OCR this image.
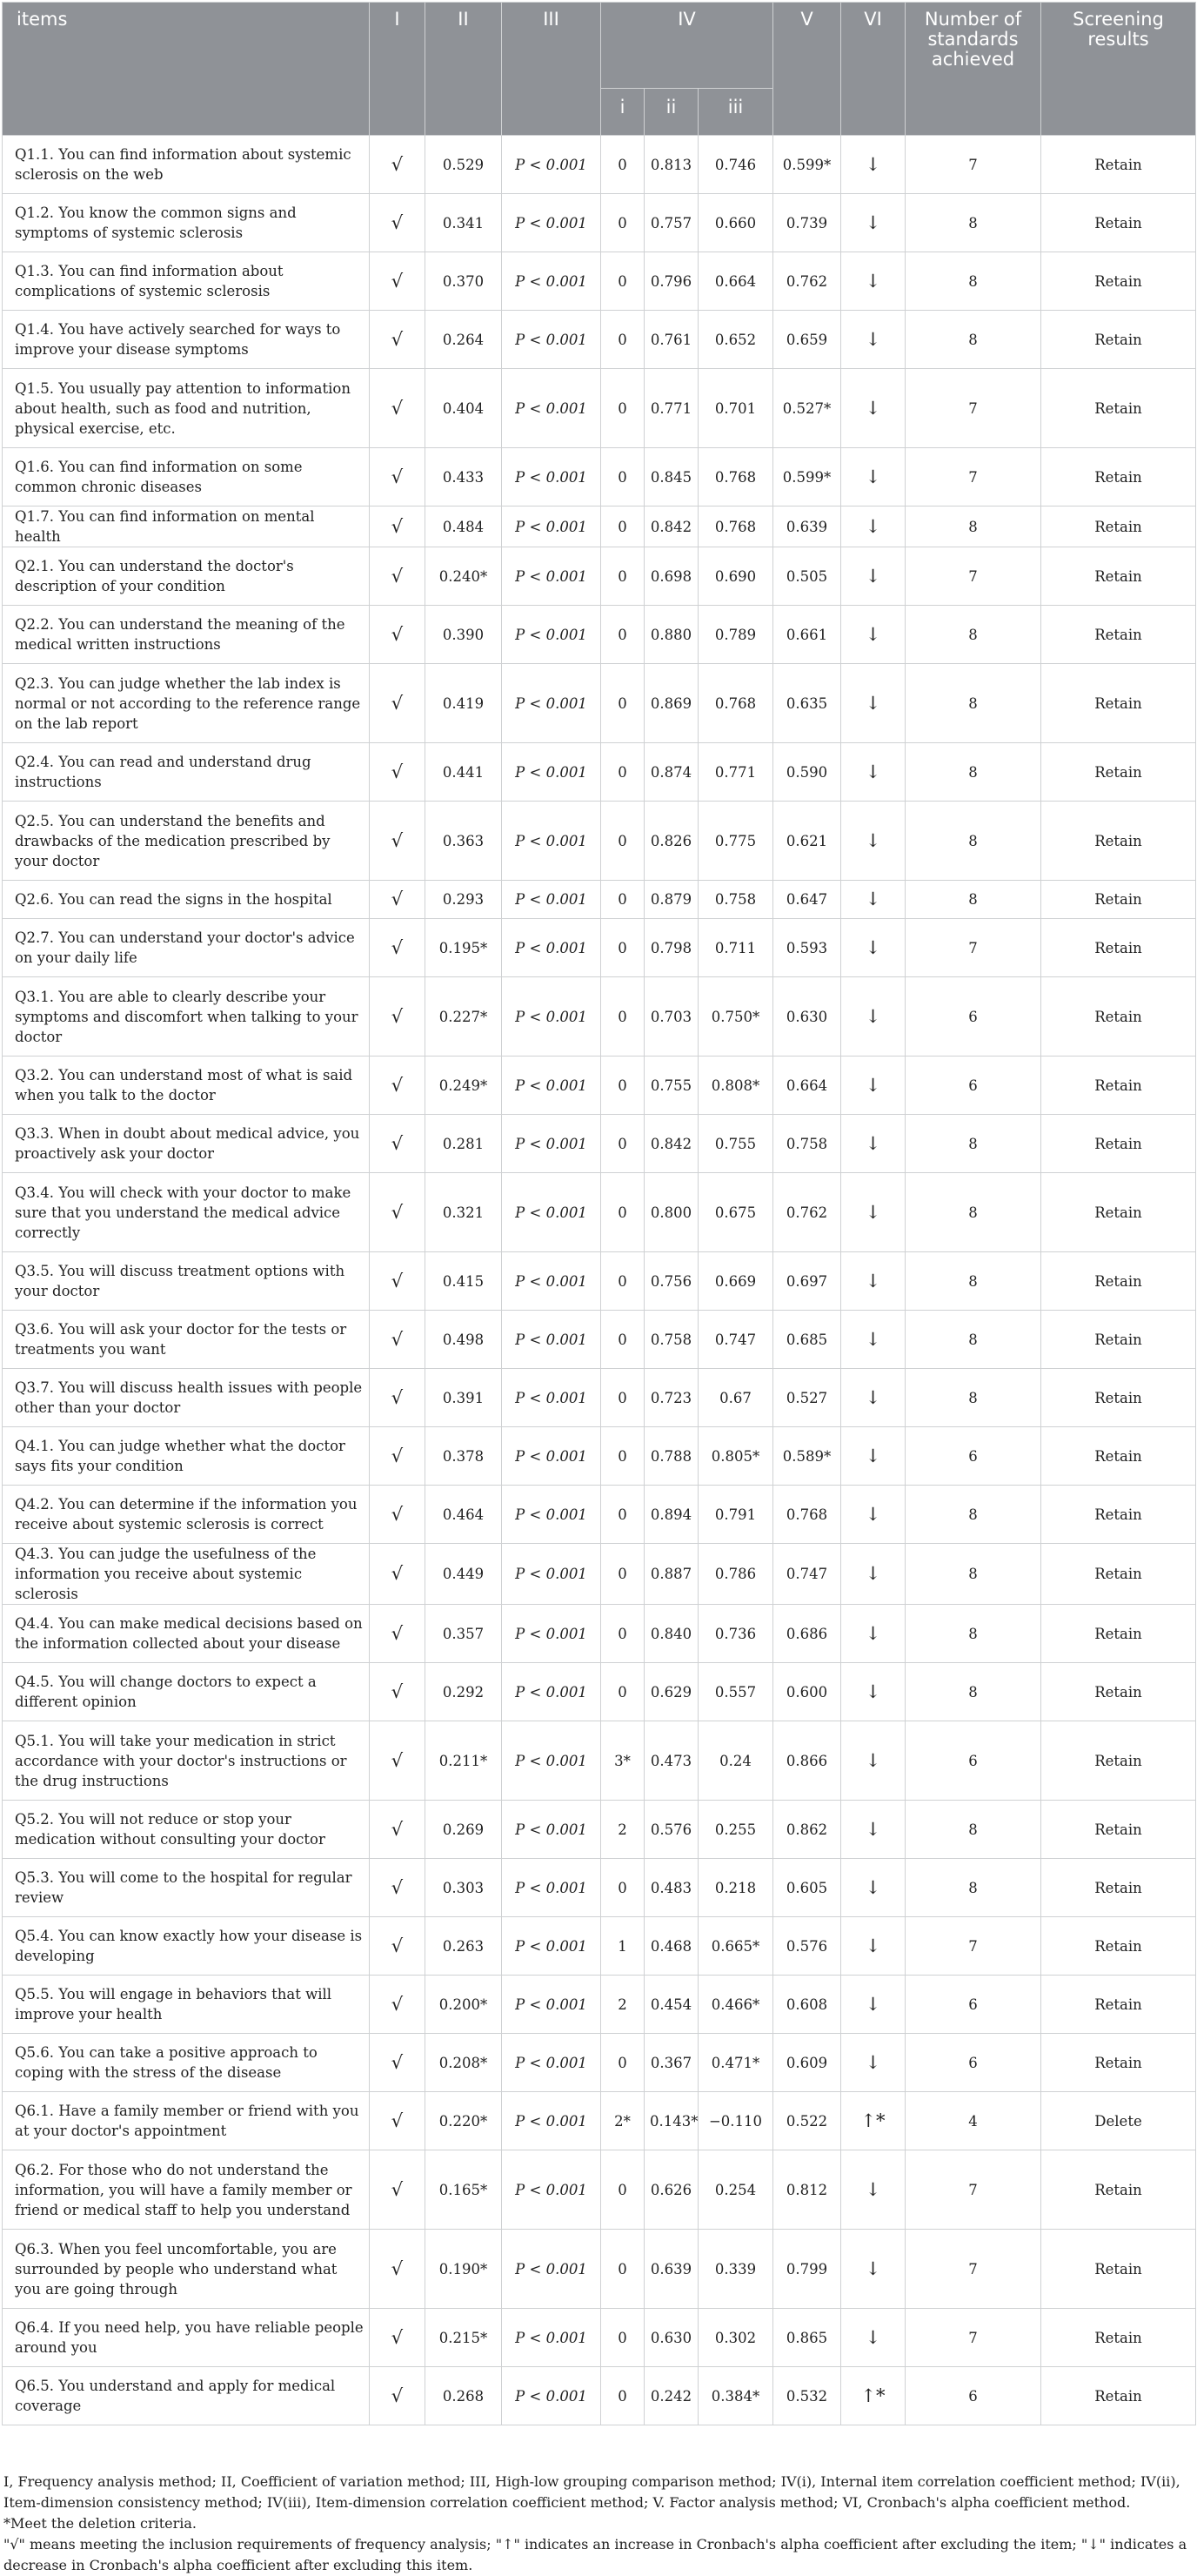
items	I	II	III	IV			V	VI	Number of standards achieved	Screening results
				i	ii	iii				
Q1.1. You can find information about systemic sclerosis on the web	√	0.529	P < 0.001	0	0.813	0.746	0.599*	↓	7	Retain
Q1.2. You know the common signs and symptoms of systemic sclerosis	√	0.341	P < 0.001	0	0.757	0.660	0.739	↓	8	Retain
Q1.3. You can find information about complications of systemic sclerosis	√	0.370	P < 0.001	0	0.796	0.664	0.762	↓	8	Retain
Q1.4. You have actively searched for ways to improve your disease symptoms	√	0.264	P < 0.001	0	0.761	0.652	0.659	↓	8	Retain
Q1.5. You usually pay attention to information about health, such as food and nutrition, physical exercise, etc.	√	0.404	P < 0.001	0	0.771	0.701	0.527*	↓	7	Retain
Q1.6. You can find information on some common chronic diseases	√	0.433	P < 0.001	0	0.845	0.768	0.599*	↓	7	Retain
Q1.7. You can find information on mental health	√	0.484	P < 0.001	0	0.842	0.768	0.639	↓	8	Retain
Q2.1. You can understand the doctor's description of your condition	√	0.240*	P < 0.001	0	0.698	0.690	0.505	↓	7	Retain
Q2.2. You can understand the meaning of the medical written instructions	√	0.390	P < 0.001	0	0.880	0.789	0.661	↓	8	Retain
Q2.3. You can judge whether the lab index is normal or not according to the reference range on the lab report	√	0.419	P < 0.001	0	0.869	0.768	0.635	↓	8	Retain
Q2.4. You can read and understand drug instructions	√	0.441	P < 0.001	0	0.874	0.771	0.590	↓	8	Retain
Q2.5. You can understand the benefits and drawbacks of the medication prescribed by your doctor	√	0.363	P < 0.001	0	0.826	0.775	0.621	↓	8	Retain
Q2.6. You can read the signs in the hospital	√	0.293	P < 0.001	0	0.879	0.758	0.647	↓	8	Retain
Q2.7. You can understand your doctor's advice on your daily life	√	0.195*	P < 0.001	0	0.798	0.711	0.593	↓	7	Retain
Q3.1. You are able to clearly describe your symptoms and discomfort when talking to your doctor	√	0.227*	P < 0.001	0	0.703	0.750*	0.630	↓	6	Retain
Q3.2. You can understand most of what is said when you talk to the doctor	√	0.249*	P < 0.001	0	0.755	0.808*	0.664	↓	6	Retain
Q3.3. When in doubt about medical advice, you proactively ask your doctor	√	0.281	P < 0.001	0	0.842	0.755	0.758	↓	8	Retain
Q3.4. You will check with your doctor to make sure that you understand the medical advice correctly	√	0.321	P < 0.001	0	0.800	0.675	0.762	↓	8	Retain
Q3.5. You will discuss treatment options with your doctor	√	0.415	P < 0.001	0	0.756	0.669	0.697	↓	8	Retain
Q3.6. You will ask your doctor for the tests or treatments you want	√	0.498	P < 0.001	0	0.758	0.747	0.685	↓	8	Retain
Q3.7. You will discuss health issues with people other than your doctor	√	0.391	P < 0.001	0	0.723	0.67	0.527	↓	8	Retain
Q4.1. You can judge whether what the doctor says fits your condition	√	0.378	P < 0.001	0	0.788	0.805*	0.589*	↓	6	Retain
Q4.2. You can determine if the information you receive about systemic sclerosis is correct	√	0.464	P < 0.001	0	0.894	0.791	0.768	↓	8	Retain
Q4.3. You can judge the usefulness of the information you receive about systemic sclerosis	√	0.449	P < 0.001	0	0.887	0.786	0.747	↓	8	Retain
Q4.4. You can make medical decisions based on the information collected about your disease	√	0.357	P < 0.001	0	0.840	0.736	0.686	↓	8	Retain
Q4.5. You will change doctors to expect a different opinion	√	0.292	P < 0.001	0	0.629	0.557	0.600	↓	8	Retain
Q5.1. You will take your medication in strict accordance with your doctor's instructions or the drug instructions	√	0.211*	P < 0.001	3*	0.473	0.24	0.866	↓	6	Retain
Q5.2. You will not reduce or stop your medication without consulting your doctor	√	0.269	P < 0.001	2	0.576	0.255	0.862	↓	8	Retain
Q5.3. You will come to the hospital for regular review	√	0.303	P < 0.001	0	0.483	0.218	0.605	↓	8	Retain
Q5.4. You can know exactly how your disease is developing	√	0.263	P < 0.001	1	0.468	0.665*	0.576	↓	7	Retain
Q5.5. You will engage in behaviors that will improve your health	√	0.200*	P < 0.001	2	0.454	0.466*	0.608	↓	6	Retain
Q5.6. You can take a positive approach to coping with the stress of the disease	√	0.208*	P < 0.001	0	0.367	0.471*	0.609	↓	6	Retain
Q6.1. Have a family member or friend with you at your doctor's appointment	√	0.220*	P < 0.001	2*	0.143*	−0.110	0.522	↑*	4	Delete
Q6.2. For those who do not understand the information, you will have a family member or friend or medical staff to help you understand	√	0.165*	P < 0.001	0	0.626	0.254	0.812	↓	7	Retain
Q6.3. When you feel uncomfortable, you are surrounded by people who understand what you are going through	√	0.190*	P < 0.001	0	0.639	0.339	0.799	↓	7	Retain
Q6.4. If you need help, you have reliable people around you	√	0.215*	P < 0.001	0	0.630	0.302	0.865	↓	7	Retain
Q6.5. You understand and apply for medical coverage	√	0.268	P < 0.001	0	0.242	0.384*	0.532	↑*	6	Retain

I, Frequency analysis method; II, Coefficient of variation method; III, High-low grouping comparison method; IV(i), Internal item correlation coefficient method; IV(ii), Item-dimension consistency method; IV(iii), Item-dimension correlation coefficient method; V. Factor analysis method; VI, Cronbach's alpha coefficient method.

*Meet the deletion criteria.

"√" means meeting the inclusion requirements of frequency analysis; "↑" indicates an increase in Cronbach's alpha coefficient after excluding the item; "↓" indicates a decrease in Cronbach's alpha coefficient after excluding this item.
